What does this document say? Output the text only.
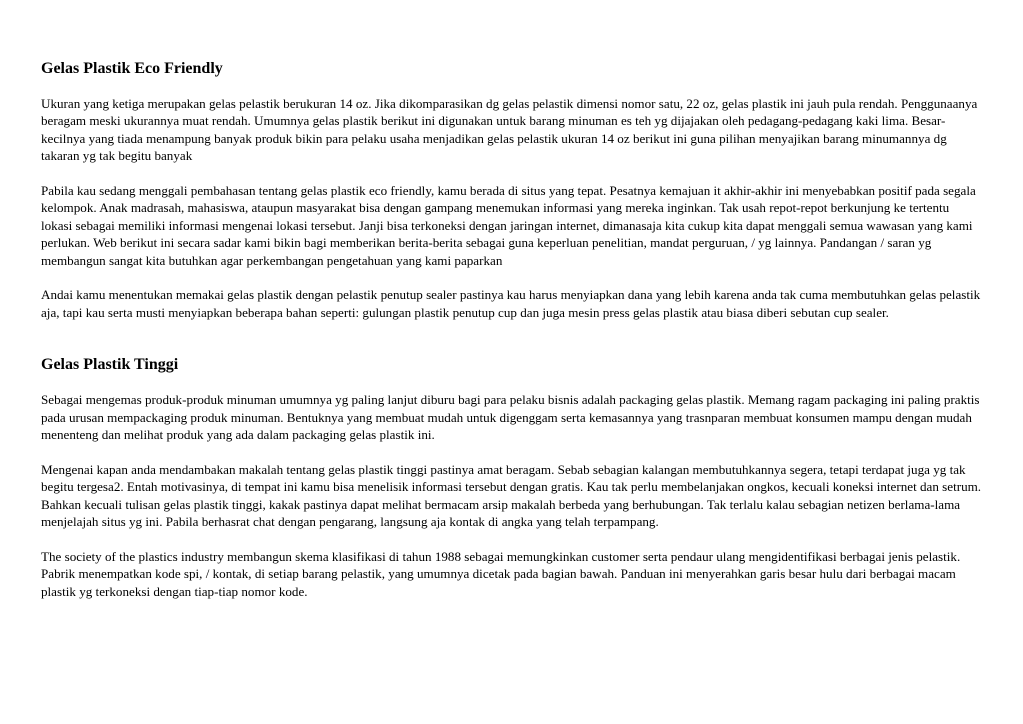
Gelas Plastik Eco Friendly

Ukuran yang ketiga merupakan gelas pelastik berukuran 14 oz. Jika dikomparasikan dg gelas pelastik dimensi nomor satu, 22 oz, gelas plastik ini jauh pula rendah. Penggunaanya beragam meski ukurannya muat rendah. Umumnya gelas plastik berikut ini digunakan untuk barang minuman es teh yg dijajakan oleh pedagang-pedagang kaki lima. Besar-kecilnya yang tiada menampung banyak produk bikin para pelaku usaha menjadikan gelas pelastik ukuran 14 oz berikut ini guna pilihan menyajikan barang minumannya dg takaran yg tak begitu banyak

Pabila kau sedang menggali pembahasan tentang gelas plastik eco friendly, kamu berada di situs yang tepat. Pesatnya kemajuan it akhir-akhir ini menyebabkan positif pada segala kelompok. Anak madrasah, mahasiswa, ataupun masyarakat bisa dengan gampang menemukan informasi yang mereka inginkan. Tak usah repot-repot berkunjung ke tertentu lokasi sebagai memiliki informasi mengenai lokasi tersebut. Janji bisa terkoneksi dengan jaringan internet, dimanasaja kita cukup kita dapat menggali semua wawasan yang kami perlukan. Web berikut ini secara sadar kami bikin bagi memberikan berita-berita sebagai guna keperluan penelitian, mandat perguruan, / yg lainnya. Pandangan / saran yg membangun sangat kita butuhkan agar perkembangan pengetahuan yang kami paparkan

Andai kamu menentukan memakai gelas plastik dengan pelastik penutup sealer pastinya kau harus menyiapkan dana yang lebih karena anda tak cuma membutuhkan gelas pelastik aja, tapi kau serta musti menyiapkan beberapa bahan seperti: gulungan plastik penutup cup dan juga mesin press gelas plastik atau biasa diberi sebutan cup sealer.

Gelas Plastik Tinggi

Sebagai mengemas produk-produk minuman umumnya yg paling lanjut diburu bagi para pelaku bisnis adalah packaging gelas plastik. Memang ragam packaging ini paling praktis pada urusan mempackaging produk minuman. Bentuknya yang membuat mudah untuk digenggam serta kemasannya yang trasnparan membuat konsumen mampu dengan mudah menenteng dan melihat produk yang ada dalam packaging gelas plastik ini.

Mengenai kapan anda mendambakan makalah tentang gelas plastik tinggi pastinya amat beragam. Sebab sebagian kalangan membutuhkannya segera, tetapi terdapat juga yg tak begitu tergesa2. Entah motivasinya, di tempat ini kamu bisa menelisik informasi tersebut dengan gratis. Kau tak perlu membelanjakan ongkos, kecuali koneksi internet dan setrum. Bahkan kecuali tulisan gelas plastik tinggi, kakak pastinya dapat melihat bermacam arsip makalah berbeda yang berhubungan. Tak terlalu kalau sebagian netizen berlama-lama menjelajah situs yg ini. Pabila berhasrat chat dengan pengarang, langsung aja kontak di angka yang telah terpampang.

The society of the plastics industry membangun skema klasifikasi di tahun 1988 sebagai memungkinkan customer serta pendaur ulang mengidentifikasi berbagai jenis pelastik. Pabrik menempatkan kode spi, / kontak, di setiap barang pelastik, yang umumnya dicetak pada bagian bawah. Panduan ini menyerahkan garis besar hulu dari berbagai macam plastik yg terkoneksi dengan tiap-tiap nomor kode.
